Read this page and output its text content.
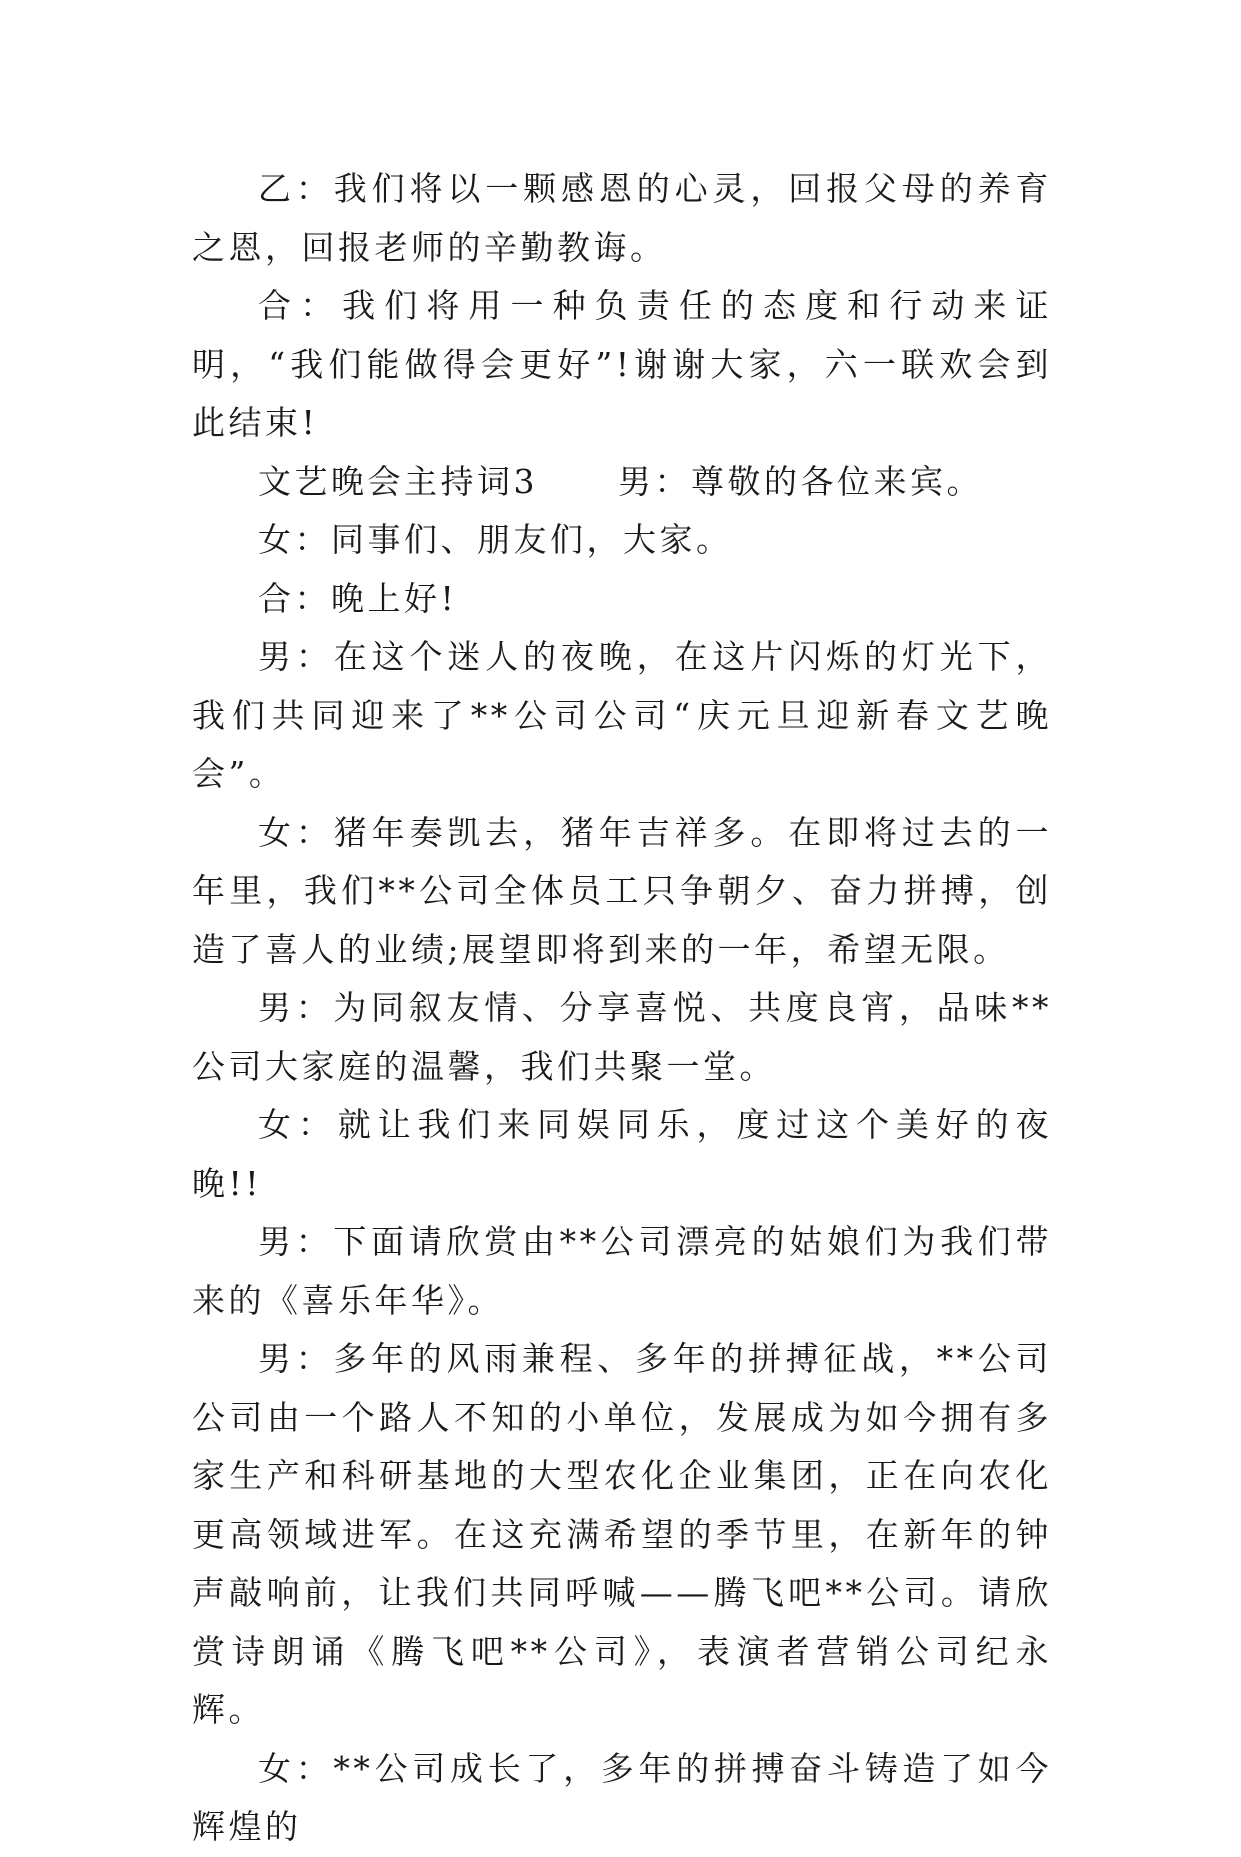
乙：我们将以一颗感恩的心灵，回报父母的养育之恩，回报老师的辛勤教诲。

合：我们将用一种负责任的态度和行动来证明，“我们能做得会更好”!谢谢大家，六一联欢会到此结束!

文艺晚会主持词3 男：尊敬的各位来宾。

女：同事们、朋友们，大家。

合：晚上好!

男：在这个迷人的夜晚，在这片闪烁的灯光下，我们共同迎来了**公司公司“庆元旦迎新春文艺晚会”。

女：猪年奏凯去，猪年吉祥多。在即将过去的一年里，我们**公司全体员工只争朝夕、奋力拼搏，创造了喜人的业绩;展望即将到来的一年，希望无限。

男：为同叙友情、分享喜悦、共度良宵，品味**公司大家庭的温馨，我们共聚一堂。

女：就让我们来同娱同乐，度过这个美好的夜晚!!

男：下面请欣赏由**公司漂亮的姑娘们为我们带来的《喜乐年华》。

男：多年的风雨兼程、多年的拼搏征战，**公司公司由一个路人不知的小单位，发展成为如今拥有多家生产和科研基地的大型农化企业集团，正在向农化更高领域进军。在这充满希望的季节里，在新年的钟声敲响前，让我们共同呼喊——腾飞吧**公司。请欣赏诗朗诵《腾飞吧**公司》，表演者营销公司纪永辉。

女：**公司成长了，多年的拼搏奋斗铸造了如今辉煌的
